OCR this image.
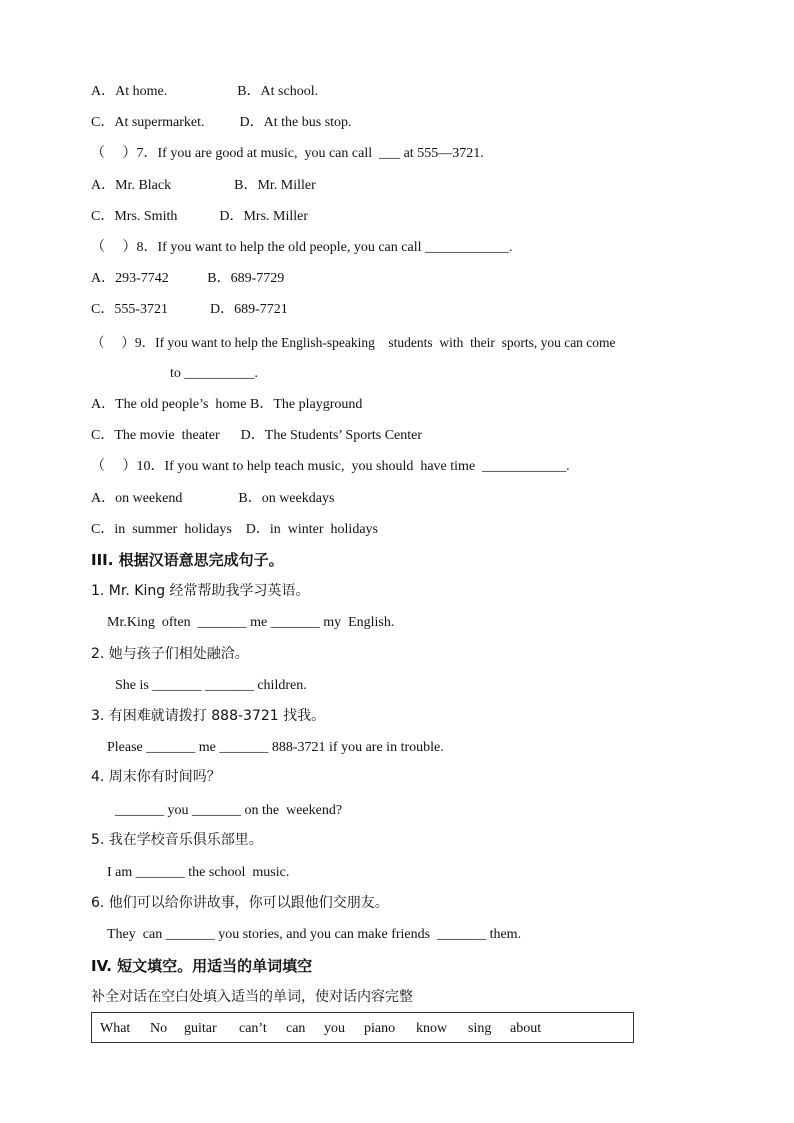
A．At home.                    B．At school.
C．At supermarket.          D．At the bus stop.
（     ）7．If you are good at music,  you can call  ___ at 555—3721.
A．Mr. Black                  B．Mr. Miller
C．Mrs. Smith            D．Mrs. Miller
（     ）8．If you want to help the old people, you can call ____________.
A．293-7742           B．689-7729
C．555-3721            D．689-7721
（     ）9．If you want to help the English-speaking    students  with  their  sports, you can come
to __________.
A．The old people’s  home B．The playground
C．The movie  theater      D．The Students’ Sports Center
（     ）10．If you want to help teach music,  you should  have time  ____________.
A．on weekend                B．on weekdays
C．in  summer  holidays    D．in  winter  holidays
III. 根据汉语意思完成句子。
1. Mr. King 经常帮助我学习英语。
Mr.King  often  _______ me _______ my  English.
2. 她与孩子们相处融洽。
She is _______ _______ children.
3. 有困难就请拨打 888-3721 找我。
Please _______ me _______ 888-3721 if you are in trouble.
4. 周末你有时间吗？
_______ you _______ on the  weekend?
5. 我在学校音乐俱乐部里。
I am _______ the school  music.
6. 他们可以给你讲故事，你可以跟他们交朋友。
They  can _______ you stories, and you can make friends  _______ them.
IV. 短文填空。用适当的单词填空
补全对话在空白处填入适当的单词，使对话内容完整
What No guitar can’t can you piano know sing about
